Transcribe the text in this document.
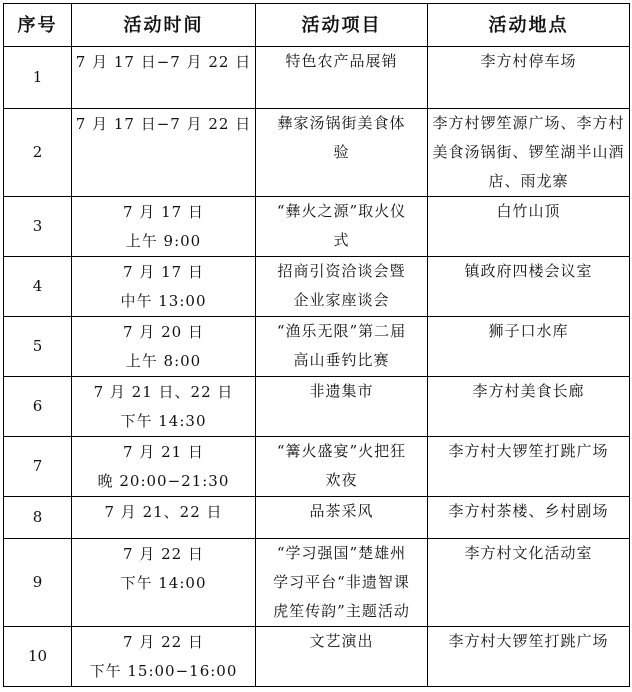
序号	活动时间	活动项目	活动地点
1	7 月 17 日−7 月 22 日	特色农产品展销	李方村停车场

2	7 月 17 日−7 月 22 日	彝家汤锅街美食体验	李方村锣笙源广场、李方村美食汤锅街、锣笙湖半山酒店、雨龙寨

3	7 月 17 日
上午 9:00	“彝火之源”取火仪式	白竹山顶

4	7 月 17 日
中午 13:00	招商引资洽谈会暨企业家座谈会	镇政府四楼会议室

5	7 月 20 日
上午 8:00	“渔乐无限”第二届高山垂钓比赛	狮子口水库

6	7 月 21 日、22 日
下午 14:30	非遗集市	李方村美食长廊

7	7 月 21 日
晚 20:00−21:30	“篝火盛宴”火把狂欢夜	李方村大锣笙打跳广场

8	7 月 21、22 日	品茶采风	李方村茶楼、乡村剧场

9	7 月 22 日
下午 14:00	“学习强国”楚雄州学习平台“非遗智课虎笙传韵”主题活动	李方村文化活动室

10	7 月 22 日
下午 15:00−16:00	文艺演出	李方村大锣笙打跳广场
